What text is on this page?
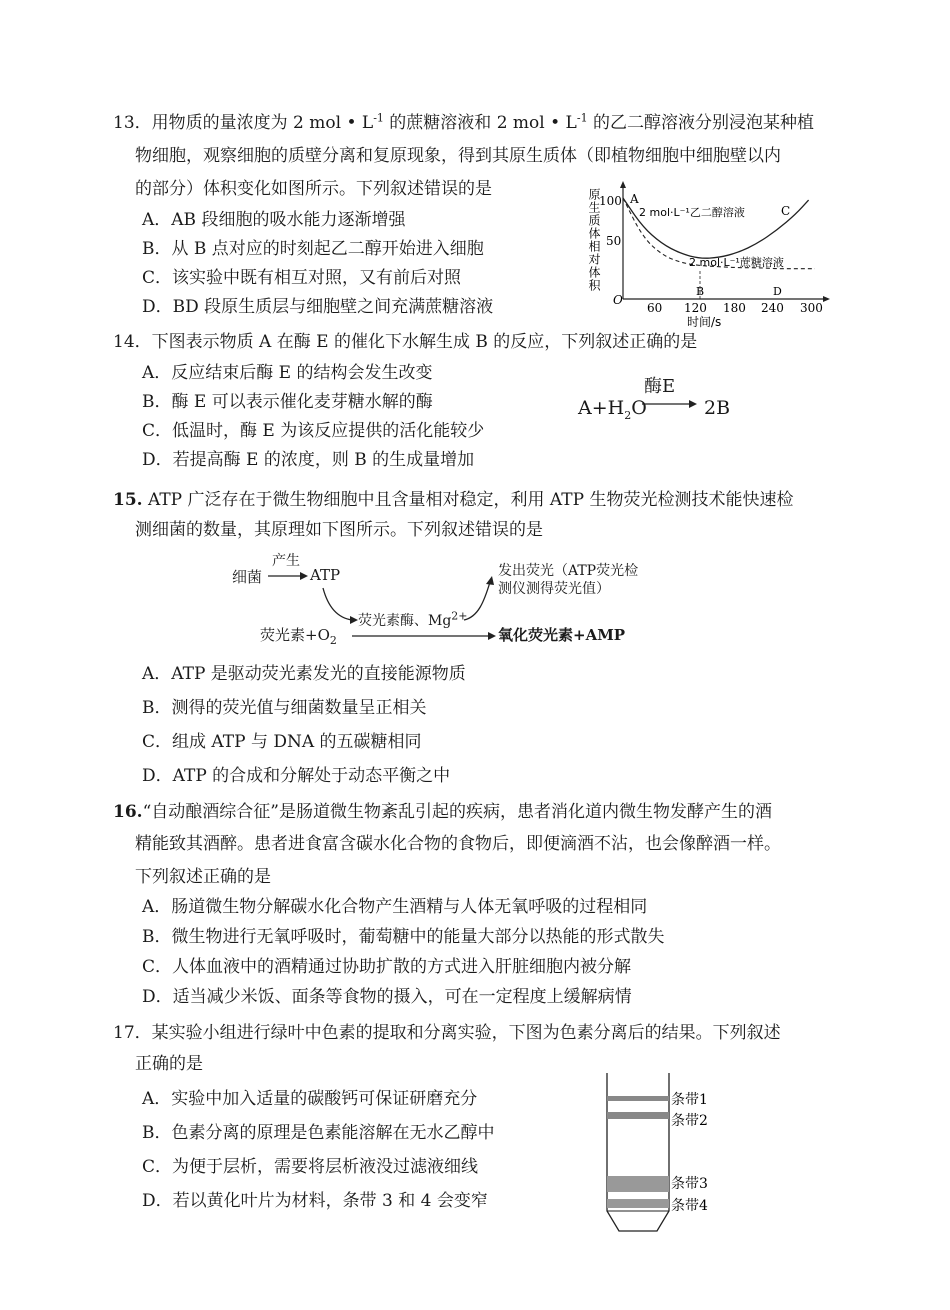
13．用物质的量浓度为 2 mol • $L^{-1}$ 的蔗糖溶液和 2 mol • $L^{-1}$ 的乙二醇溶液分别浸泡某种植
物细胞，观察细胞的质壁分离和复原现象，得到其原生质体（即植物细胞中细胞壁以内
的部分）体积变化如图所示。下列叙述错误的是
A．AB 段细胞的吸水能力逐渐增强
B．从 B 点对应的时刻起乙二醇开始进入细胞
C．该实验中既有相互对照，又有前后对照
D．BD 段原生质层与细胞壁之间充满蔗糖溶液
原生质体相对体积
100
50
O
60 120 180 240 300
时间/s
A
B
C
D
2 mol·L⁻¹乙二醇溶液
2 mol·L⁻¹蔗糖溶液
14．下图表示物质 A 在酶 E 的催化下水解生成 B 的反应，下列叙述正确的是
A．反应结束后酶 E 的结构会发生改变
B．酶 E 可以表示催化麦芽糖水解的酶
C．低温时，酶 E 为该反应提供的活化能较少
D．若提高酶 E 的浓度，则 B 的生成量增加
$A+H_2O$
酶E
2B
15. ATP 广泛存在于微生物细胞中且含量相对稳定，利用 ATP 生物荧光检测技术能快速检
测细菌的数量，其原理如下图所示。下列叙述错误的是
细菌
产生
ATP	发出荧光（ATP荧光检
测仪测得荧光值）
荧光素酶、$Mg^{2+}$
荧光素$+O_2$	氧化荧光素+AMP
A．ATP 是驱动荧光素发光的直接能源物质
B．测得的荧光值与细菌数量呈正相关
C．组成 ATP 与 DNA 的五碳糖相同
D．ATP 的合成和分解处于动态平衡之中
16.“自动酿酒综合征”是肠道微生物紊乱引起的疾病，患者消化道内微生物发酵产生的酒
精能致其酒醉。患者进食富含碳水化合物的食物后，即便滴酒不沾，也会像醉酒一样。
下列叙述正确的是
A．肠道微生物分解碳水化合物产生酒精与人体无氧呼吸的过程相同
B．微生物进行无氧呼吸时，葡萄糖中的能量大部分以热能的形式散失
C．人体血液中的酒精通过协助扩散的方式进入肝脏细胞内被分解
D．适当减少米饭、面条等食物的摄入，可在一定程度上缓解病情
17．某实验小组进行绿叶中色素的提取和分离实验，下图为色素分离后的结果。下列叙述
正确的是
A．实验中加入适量的碳酸钙可保证研磨充分
B．色素分离的原理是色素能溶解在无水乙醇中
C．为便于层析，需要将层析液没过滤液细线
D．若以黄化叶片为材料，条带 3 和 4 会变窄
条带1
条带2
条带3
条带4
